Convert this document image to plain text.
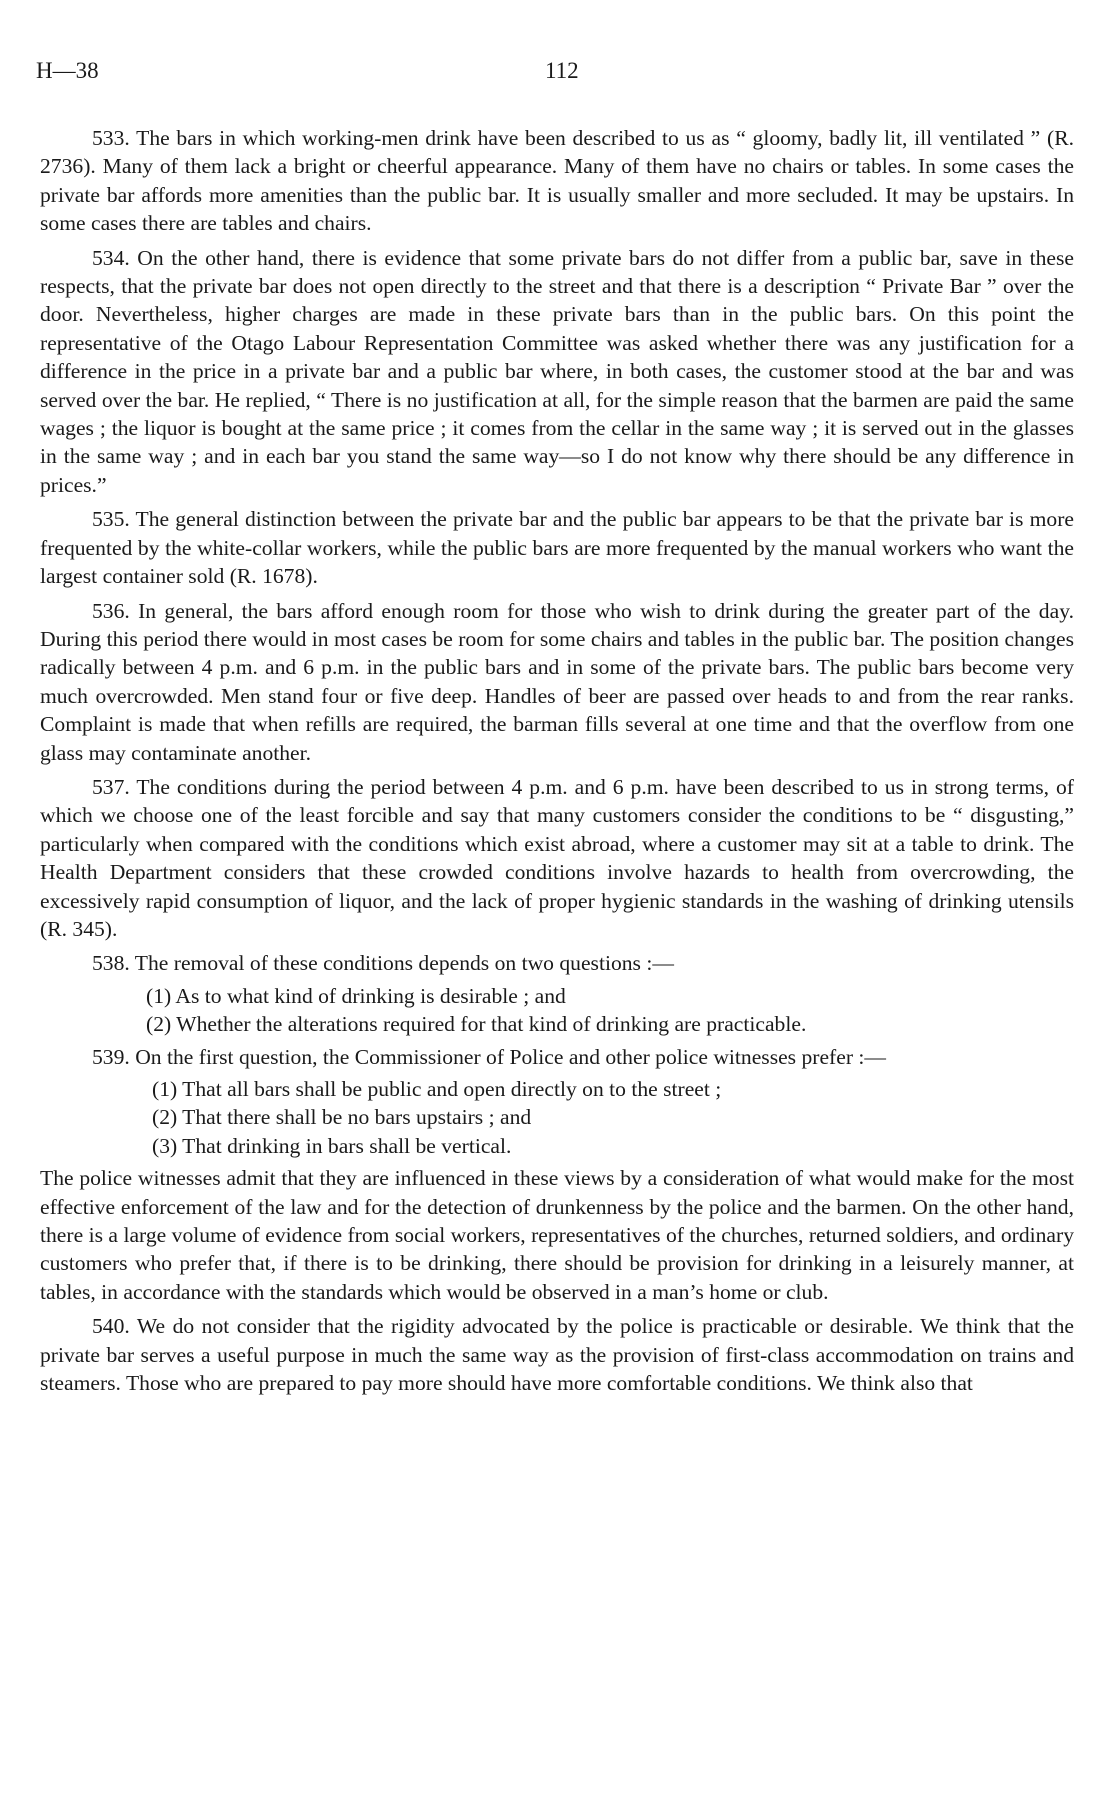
H—38	112

533. The bars in which working-men drink have been described to us as “ gloomy, badly lit, ill ventilated ” (R. 2736). Many of them lack a bright or cheerful appearance. Many of them have no chairs or tables. In some cases the private bar affords more amenities than the public bar. It is usually smaller and more secluded. It may be upstairs. In some cases there are tables and chairs.

534. On the other hand, there is evidence that some private bars do not differ from a public bar, save in these respects, that the private bar does not open directly to the street and that there is a description “ Private Bar ” over the door. Nevertheless, higher charges are made in these private bars than in the public bars. On this point the representative of the Otago Labour Representation Committee was asked whether there was any justification for a difference in the price in a private bar and a public bar where, in both cases, the customer stood at the bar and was served over the bar. He replied, “ There is no justification at all, for the simple reason that the barmen are paid the same wages ; the liquor is bought at the same price ; it comes from the cellar in the same way ; it is served out in the glasses in the same way ; and in each bar you stand the same way—so I do not know why there should be any difference in prices.”

535. The general distinction between the private bar and the public bar appears to be that the private bar is more frequented by the white-collar workers, while the public bars are more frequented by the manual workers who want the largest container sold (R. 1678).

536. In general, the bars afford enough room for those who wish to drink during the greater part of the day. During this period there would in most cases be room for some chairs and tables in the public bar. The position changes radically between 4 p.m. and 6 p.m. in the public bars and in some of the private bars. The public bars become very much overcrowded. Men stand four or five deep. Handles of beer are passed over heads to and from the rear ranks. Complaint is made that when refills are required, the barman fills several at one time and that the overflow from one glass may contaminate another.

537. The conditions during the period between 4 p.m. and 6 p.m. have been described to us in strong terms, of which we choose one of the least forcible and say that many customers consider the conditions to be “ disgusting,” particularly when compared with the conditions which exist abroad, where a customer may sit at a table to drink. The Health Department considers that these crowded conditions involve hazards to health from overcrowding, the excessively rapid consumption of liquor, and the lack of proper hygienic standards in the washing of drinking utensils (R. 345).

538. The removal of these conditions depends on two questions :—

(1) As to what kind of drinking is desirable ; and
(2) Whether the alterations required for that kind of drinking are practicable.

539. On the first question, the Commissioner of Police and other police witnesses prefer :—

(1) That all bars shall be public and open directly on to the street ;
(2) That there shall be no bars upstairs ; and
(3) That drinking in bars shall be vertical.

The police witnesses admit that they are influenced in these views by a consideration of what would make for the most effective enforcement of the law and for the detection of drunkenness by the police and the barmen. On the other hand, there is a large volume of evidence from social workers, representatives of the churches, returned soldiers, and ordinary customers who prefer that, if there is to be drinking, there should be provision for drinking in a leisurely manner, at tables, in accordance with the standards which would be observed in a man’s home or club.

540. We do not consider that the rigidity advocated by the police is practicable or desirable. We think that the private bar serves a useful purpose in much the same way as the provision of first-class accommodation on trains and steamers. Those who are prepared to pay more should have more comfortable conditions. We think also that
